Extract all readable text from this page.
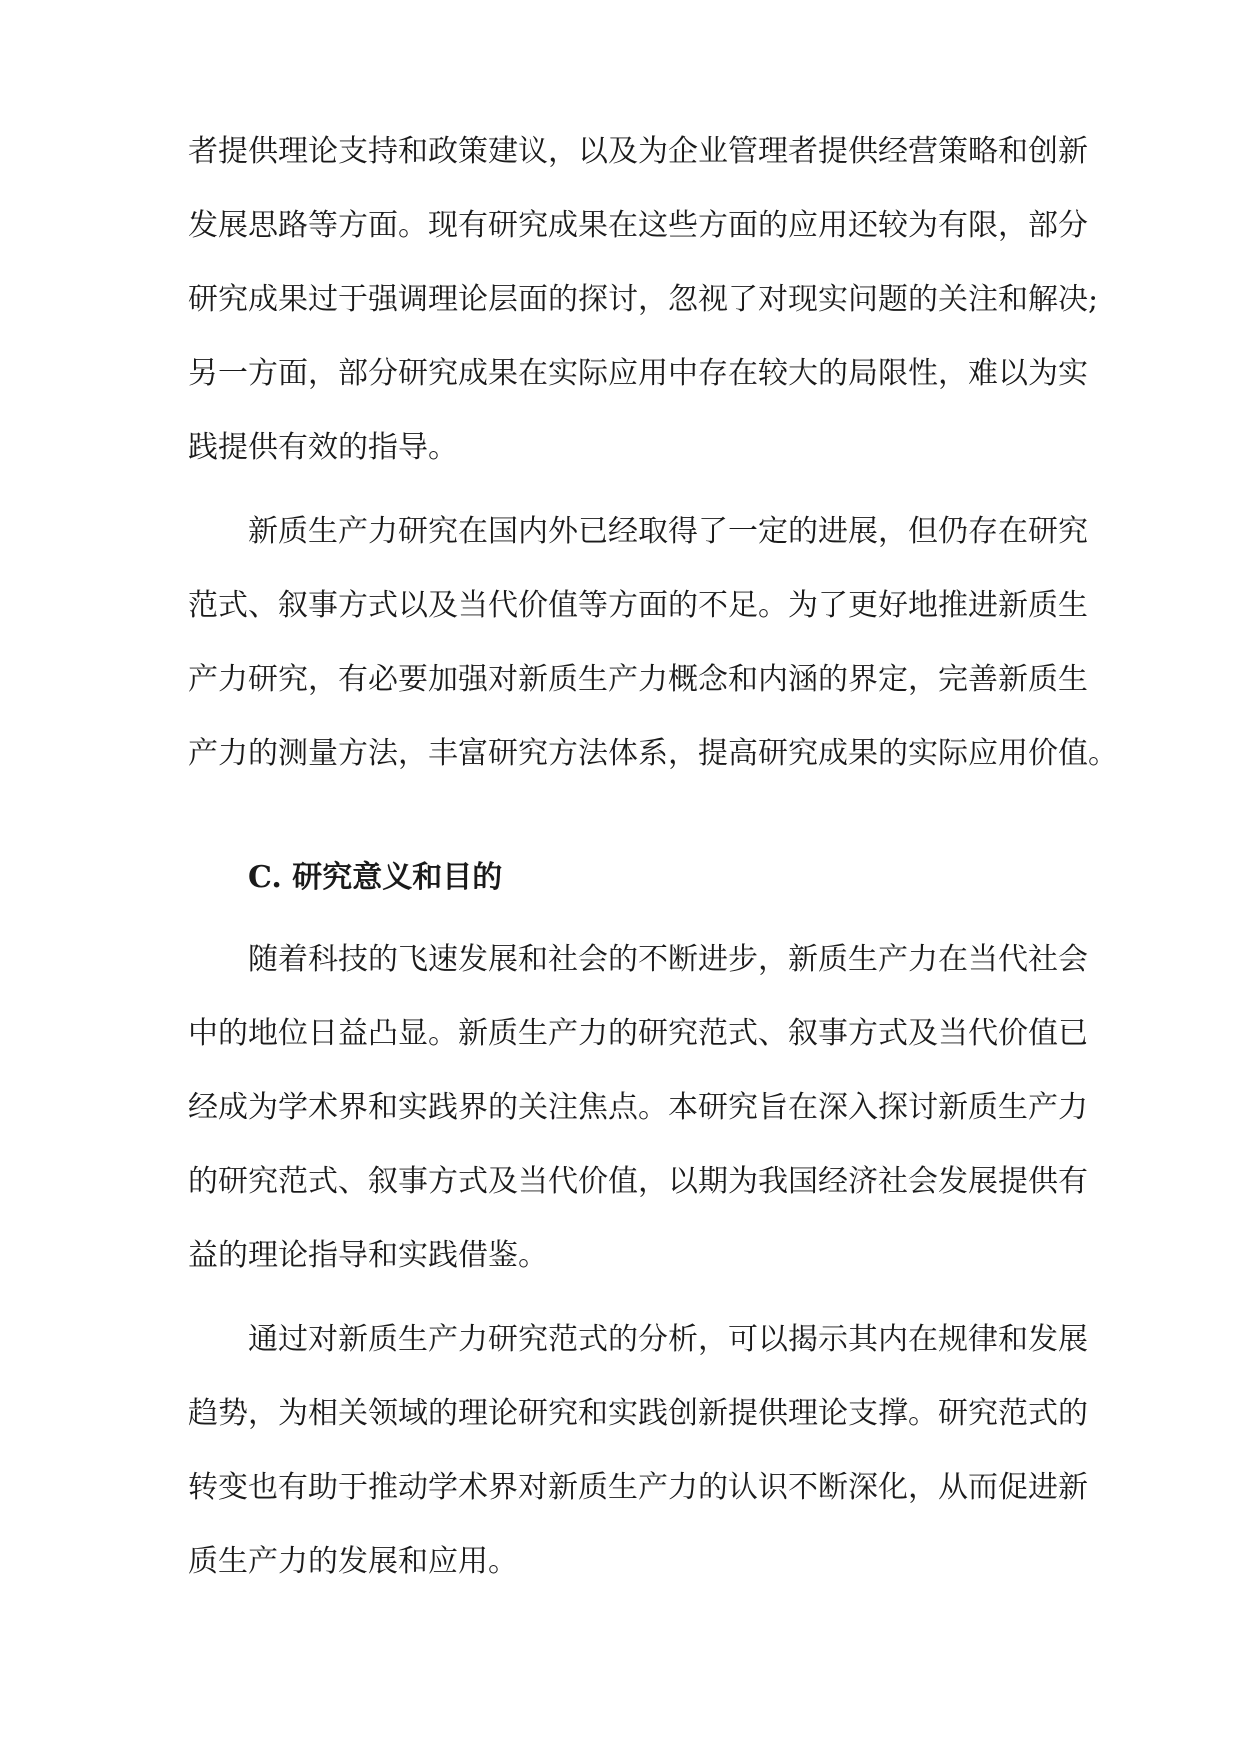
者提供理论支持和政策建议，以及为企业管理者提供经营策略和创新
发展思路等方面。现有研究成果在这些方面的应用还较为有限，部分
研究成果过于强调理论层面的探讨，忽视了对现实问题的关注和解决;
另一方面，部分研究成果在实际应用中存在较大的局限性，难以为实
践提供有效的指导。
新质生产力研究在国内外已经取得了一定的进展，但仍存在研究
范式、叙事方式以及当代价值等方面的不足。为了更好地推进新质生
产力研究，有必要加强对新质生产力概念和内涵的界定，完善新质生
产力的测量方法，丰富研究方法体系，提高研究成果的实际应用价值。
C. 研究意义和目的
随着科技的飞速发展和社会的不断进步，新质生产力在当代社会
中的地位日益凸显。新质生产力的研究范式、叙事方式及当代价值已
经成为学术界和实践界的关注焦点。本研究旨在深入探讨新质生产力
的研究范式、叙事方式及当代价值，以期为我国经济社会发展提供有
益的理论指导和实践借鉴。
通过对新质生产力研究范式的分析，可以揭示其内在规律和发展
趋势，为相关领域的理论研究和实践创新提供理论支撑。研究范式的
转变也有助于推动学术界对新质生产力的认识不断深化，从而促进新
质生产力的发展和应用。
